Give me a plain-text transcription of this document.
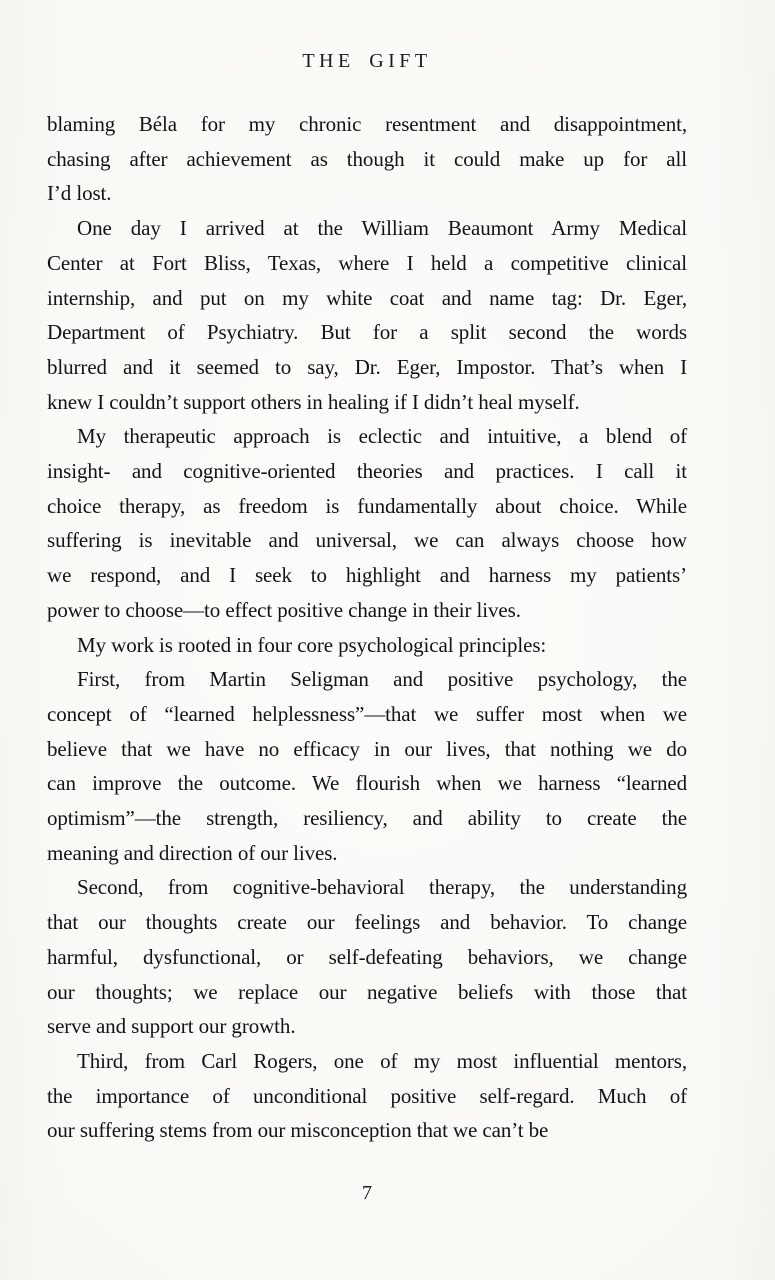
THE GIFT
blaming Béla for my chronic resentment and disappointment,
chasing after achievement as though it could make up for all
I’d lost.
One day I arrived at the William Beaumont Army Medical
Center at Fort Bliss, Texas, where I held a competitive clinical
internship, and put on my white coat and name tag: Dr. Eger,
Department of Psychiatry. But for a split second the words
blurred and it seemed to say, Dr. Eger, Impostor. That’s when I
knew I couldn’t support others in healing if I didn’t heal myself.
My therapeutic approach is eclectic and intuitive, a blend of
insight- and cognitive-oriented theories and practices. I call it
choice therapy, as freedom is fundamentally about choice. While
suffering is inevitable and universal, we can always choose how
we respond, and I seek to highlight and harness my patients’
power to choose—to effect positive change in their lives.
My work is rooted in four core psychological principles:
First, from Martin Seligman and positive psychology, the
concept of “learned helplessness”—that we suffer most when we
believe that we have no efficacy in our lives, that nothing we do
can improve the outcome. We flourish when we harness “learned
optimism”—the strength, resiliency, and ability to create the
meaning and direction of our lives.
Second, from cognitive-behavioral therapy, the understanding
that our thoughts create our feelings and behavior. To change
harmful, dysfunctional, or self-defeating behaviors, we change
our thoughts; we replace our negative beliefs with those that
serve and support our growth.
Third, from Carl Rogers, one of my most influential mentors,
the importance of unconditional positive self-regard. Much of
our suffering stems from our misconception that we can’t be
7
